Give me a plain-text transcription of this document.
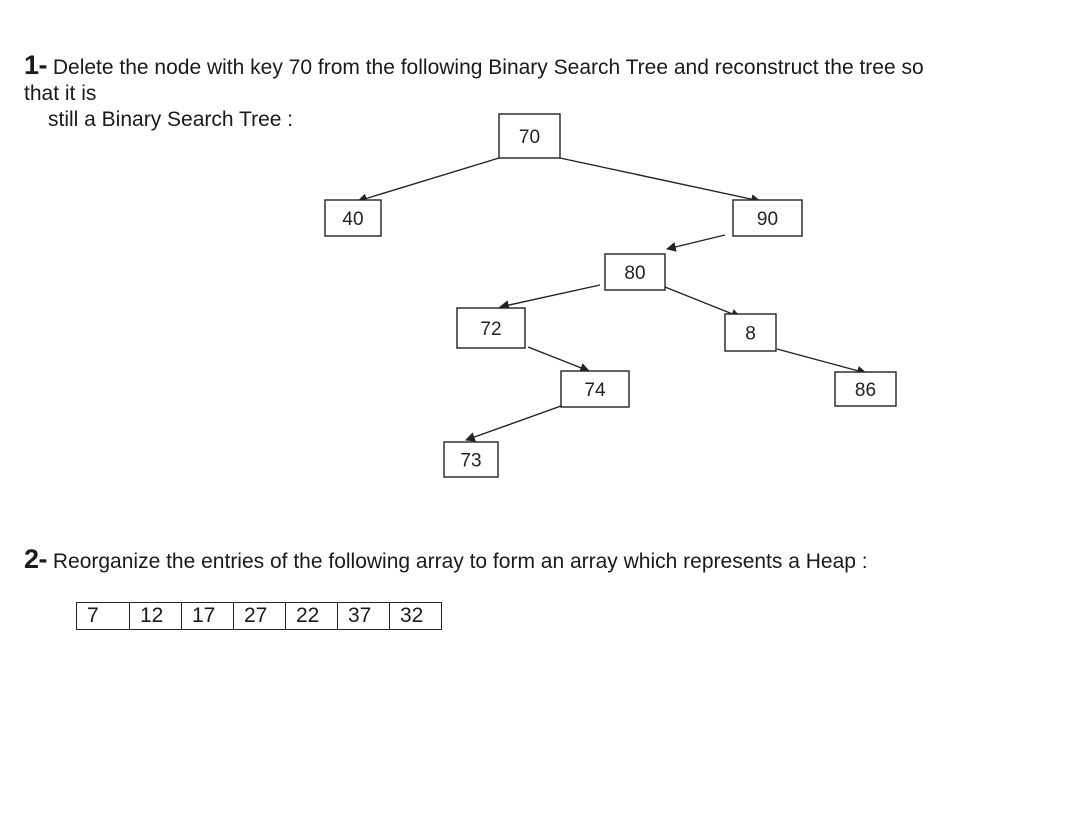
1- Delete the node with key 70 from the following Binary Search Tree and reconstruct the tree so
that it is
still a Binary Search Tree :
70
40	90
80
72	8
74	86
73
2- Reorganize the entries of the following array to form an array which represents a Heap :
7	12	17	27	22	37	32
